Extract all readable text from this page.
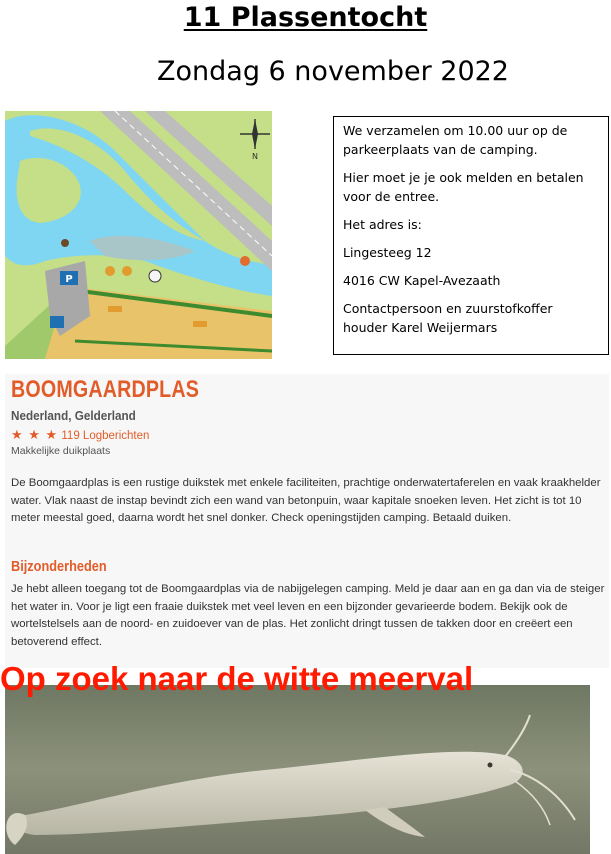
11 Plassentocht
Zondag 6 november 2022
P
N

We verzamelen om 10.00 uur op de parkeerplaats van de camping.

Hier moet je je ook melden en betalen voor de entree.

Het adres is:

Lingesteeg 12

4016 CW Kapel-Avezaath

Contactpersoon en zuurstofkoffer houder Karel Weijermars

BOOMGAARDPLAS
Nederland, Gelderland
★ ★ ★ 119 Logberichten
Makkelijke duikplaats
De Boomgaardplas is een rustige duikstek met enkele faciliteiten, prachtige onderwatertaferelen en vaak kraakhelder water. Vlak naast de instap bevindt zich een wand van betonpuin, waar kapitale snoeken leven. Het zicht is tot 10 meter meestal goed, daarna wordt het snel donker. Check openingstijden camping. Betaald duiken.
Bijzonderheden
Je hebt alleen toegang tot de Boomgaardplas via de nabijgelegen camping. Meld je daar aan en ga dan via de steiger het water in. Voor je ligt een fraaie duikstek met veel leven en een bijzonder gevarieerde bodem. Bekijk ook de wortelstelsels aan de noord- en zuidoever van de plas. Het zonlicht dringt tussen de takken door en creëert een betoverend effect.
Op zoek naar de witte meerval
